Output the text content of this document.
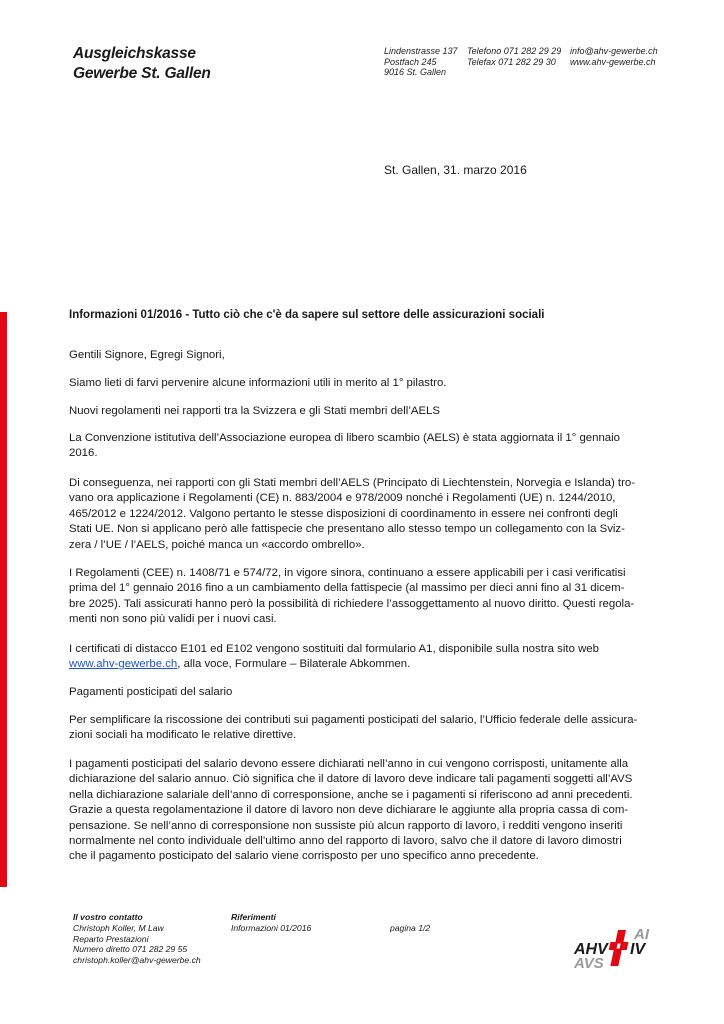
Ausgleichskasse
Gewerbe St. Gallen
Lindenstrasse 137
Postfach 245
9016 St. Gallen
Telefono 071 282 29 29
Telefax 071 282 29 30
info@ahv-gewerbe.ch
www.ahv-gewerbe.ch
St. Gallen, 31. marzo 2016
Informazioni 01/2016 - Tutto ciò che c'è da sapere sul settore delle assicurazioni sociali
Gentili Signore, Egregi Signori,
Siamo lieti di farvi pervenire alcune informazioni utili in merito al 1° pilastro.
Nuovi regolamenti nei rapporti tra la Svizzera e gli Stati membri dell’AELS

La Convenzione istitutiva dell’Associazione europea di libero scambio (AELS) è stata aggiornata il 1° gennaio

2016.

Di conseguenza, nei rapporti con gli Stati membri dell’AELS (Principato di Liechtenstein, Norvegia e Islanda) tro-

vano ora applicazione i Regolamenti (CE) n. 883/2004 e 978/2009 nonché i Regolamenti (UE) n. 1244/2010,

465/2012 e 1224/2012. Valgono pertanto le stesse disposizioni di coordinamento in essere nei confronti degli

Stati UE. Non si applicano però alle fattispecie che presentano allo stesso tempo un collegamento con la Sviz-

zera / l’UE / l’AELS, poiché manca un «accordo ombrello».

I Regolamenti (CEE) n. 1408/71 e 574/72, in vigore sinora, continuano a essere applicabili per i casi verificatisi

prima del 1° gennaio 2016 fino a un cambiamento della fattispecie (al massimo per dieci anni fino al 31 dicem-

bre 2025). Tali assicurati hanno però la possibilità di richiedere l’assoggettamento al nuovo diritto. Questi regola-

menti non sono più validi per i nuovi casi.

I certificati di distacco E101 ed E102 vengono sostituiti dal formulario A1, disponibile sulla nostra sito web

www.ahv-gewerbe.ch, alla voce, Formulare – Bilaterale Abkommen.

Pagamenti posticipati del salario

Per semplificare la riscossione dei contributi sui pagamenti posticipati del salario, l’Ufficio federale delle assicura-

zioni sociali ha modificato le relative direttive.

I pagamenti posticipati del salario devono essere dichiarati nell’anno in cui vengono corrisposti, unitamente alla

dichiarazione del salario annuo. Ciò significa che il datore di lavoro deve indicare tali pagamenti soggetti all’AVS

nella dichiarazione salariale dell’anno di corresponsione, anche se i pagamenti si riferiscono ad anni precedenti.

Grazie a questa regolamentazione il datore di lavoro non deve dichiarare le aggiunte alla propria cassa di com-

pensazione. Se nell’anno di corresponsione non sussiste più alcun rapporto di lavoro, i redditi vengono inseriti

normalmente nel conto individuale dell’ultimo anno del rapporto di lavoro, salvo che il datore di lavoro dimostri

che il pagamento posticipato del salario viene corrisposto per uno specifico anno precedente.

Il vostro contatto
Christoph Koller, M Law
Reparto Prestazioni
Numero diretto 071 282 29 55
christoph.koller@ahv-gewerbe.ch
Riferimenti
Informazioni 01/2016	pagina 1/2	AI
AHV IV
AVS
